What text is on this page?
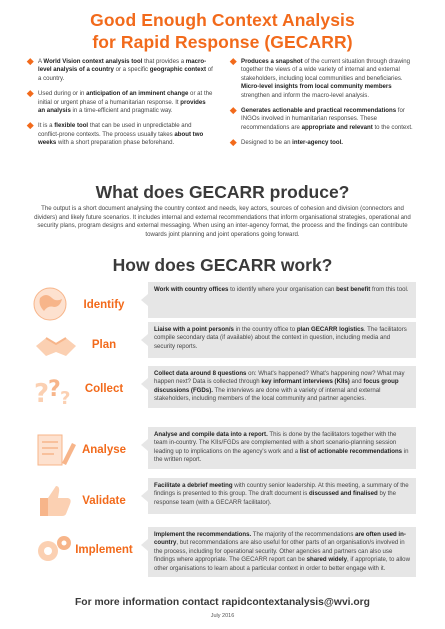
Good Enough Context Analysis
for Rapid Response (GECARR)
A World Vision context analysis tool that provides a macro-level analysis of a country or a specific geographic context of a country.
Used during or in anticipation of an imminent change or at the initial or urgent phase of a humanitarian response. It provides an analysis in a time-efficient and pragmatic way.
It is a flexible tool that can be used in unpredictable and conflict-prone contexts. The process usually takes about two weeks with a short preparation phase beforehand.
Produces a snapshot of the current situation through drawing together the views of a wide variety of internal and external stakeholders, including local communities and beneficiaries. Micro-level insights from local community members strengthen and inform the macro-level analysis.
Generates actionable and practical recommendations for INGOs involved in humanitarian responses. These recommendations are appropriate and relevant to the context.
Designed to be an inter-agency tool.
What does GECARR produce?
The output is a short document analysing the country context and needs, key actors, sources of cohesion and division (connectors and dividers) and likely future scenarios. It includes internal and external recommendations that inform organisational strategies, operational and security plans, program designs and external messaging. When using an inter-agency format, the process and the findings can contribute towards joint planning and joint operations going forward.
How does GECARR work?
Identify
Work with country offices to identify where your organisation can best benefit from this tool.
Plan
Liaise with a point person/s in the country office to plan GECARR logistics. The facilitators compile secondary data (if available) about the context in question, including media and security reports.
?
? ?	Collect
Collect data around 8 questions on: What's happened? What's happening now? What may happen next? Data is collected through key informant interviews (KIIs) and focus group discussions (FGDs). The interviews are done with a variety of internal and external stakeholders, including members of the local community and partner agencies.
Analyse
Analyse and compile data into a report. This is done by the facilitators together with the team in-country. The KIIs/FGDs are complemented with a short scenario-planning session leading up to implications on the agency's work and a list of actionable recommendations in the written report.
Validate
Facilitate a debrief meeting with country senior leadership. At this meeting, a summary of the findings is presented to this group. The draft document is discussed and finalised by the response team (with a GECARR facilitator).
Implement
Implement the recommendations. The majority of the recommendations are often used in-country, but recommendations are also useful for other parts of an organisation/s involved in the process, including for operational security. Other agencies and partners can also use findings where appropriate. The GECARR report can be shared widely, if appropriate, to allow other organisations to learn about a particular context in order to better engage with it.
For more information contact rapidcontextanalysis@wvi.org
July 2016
